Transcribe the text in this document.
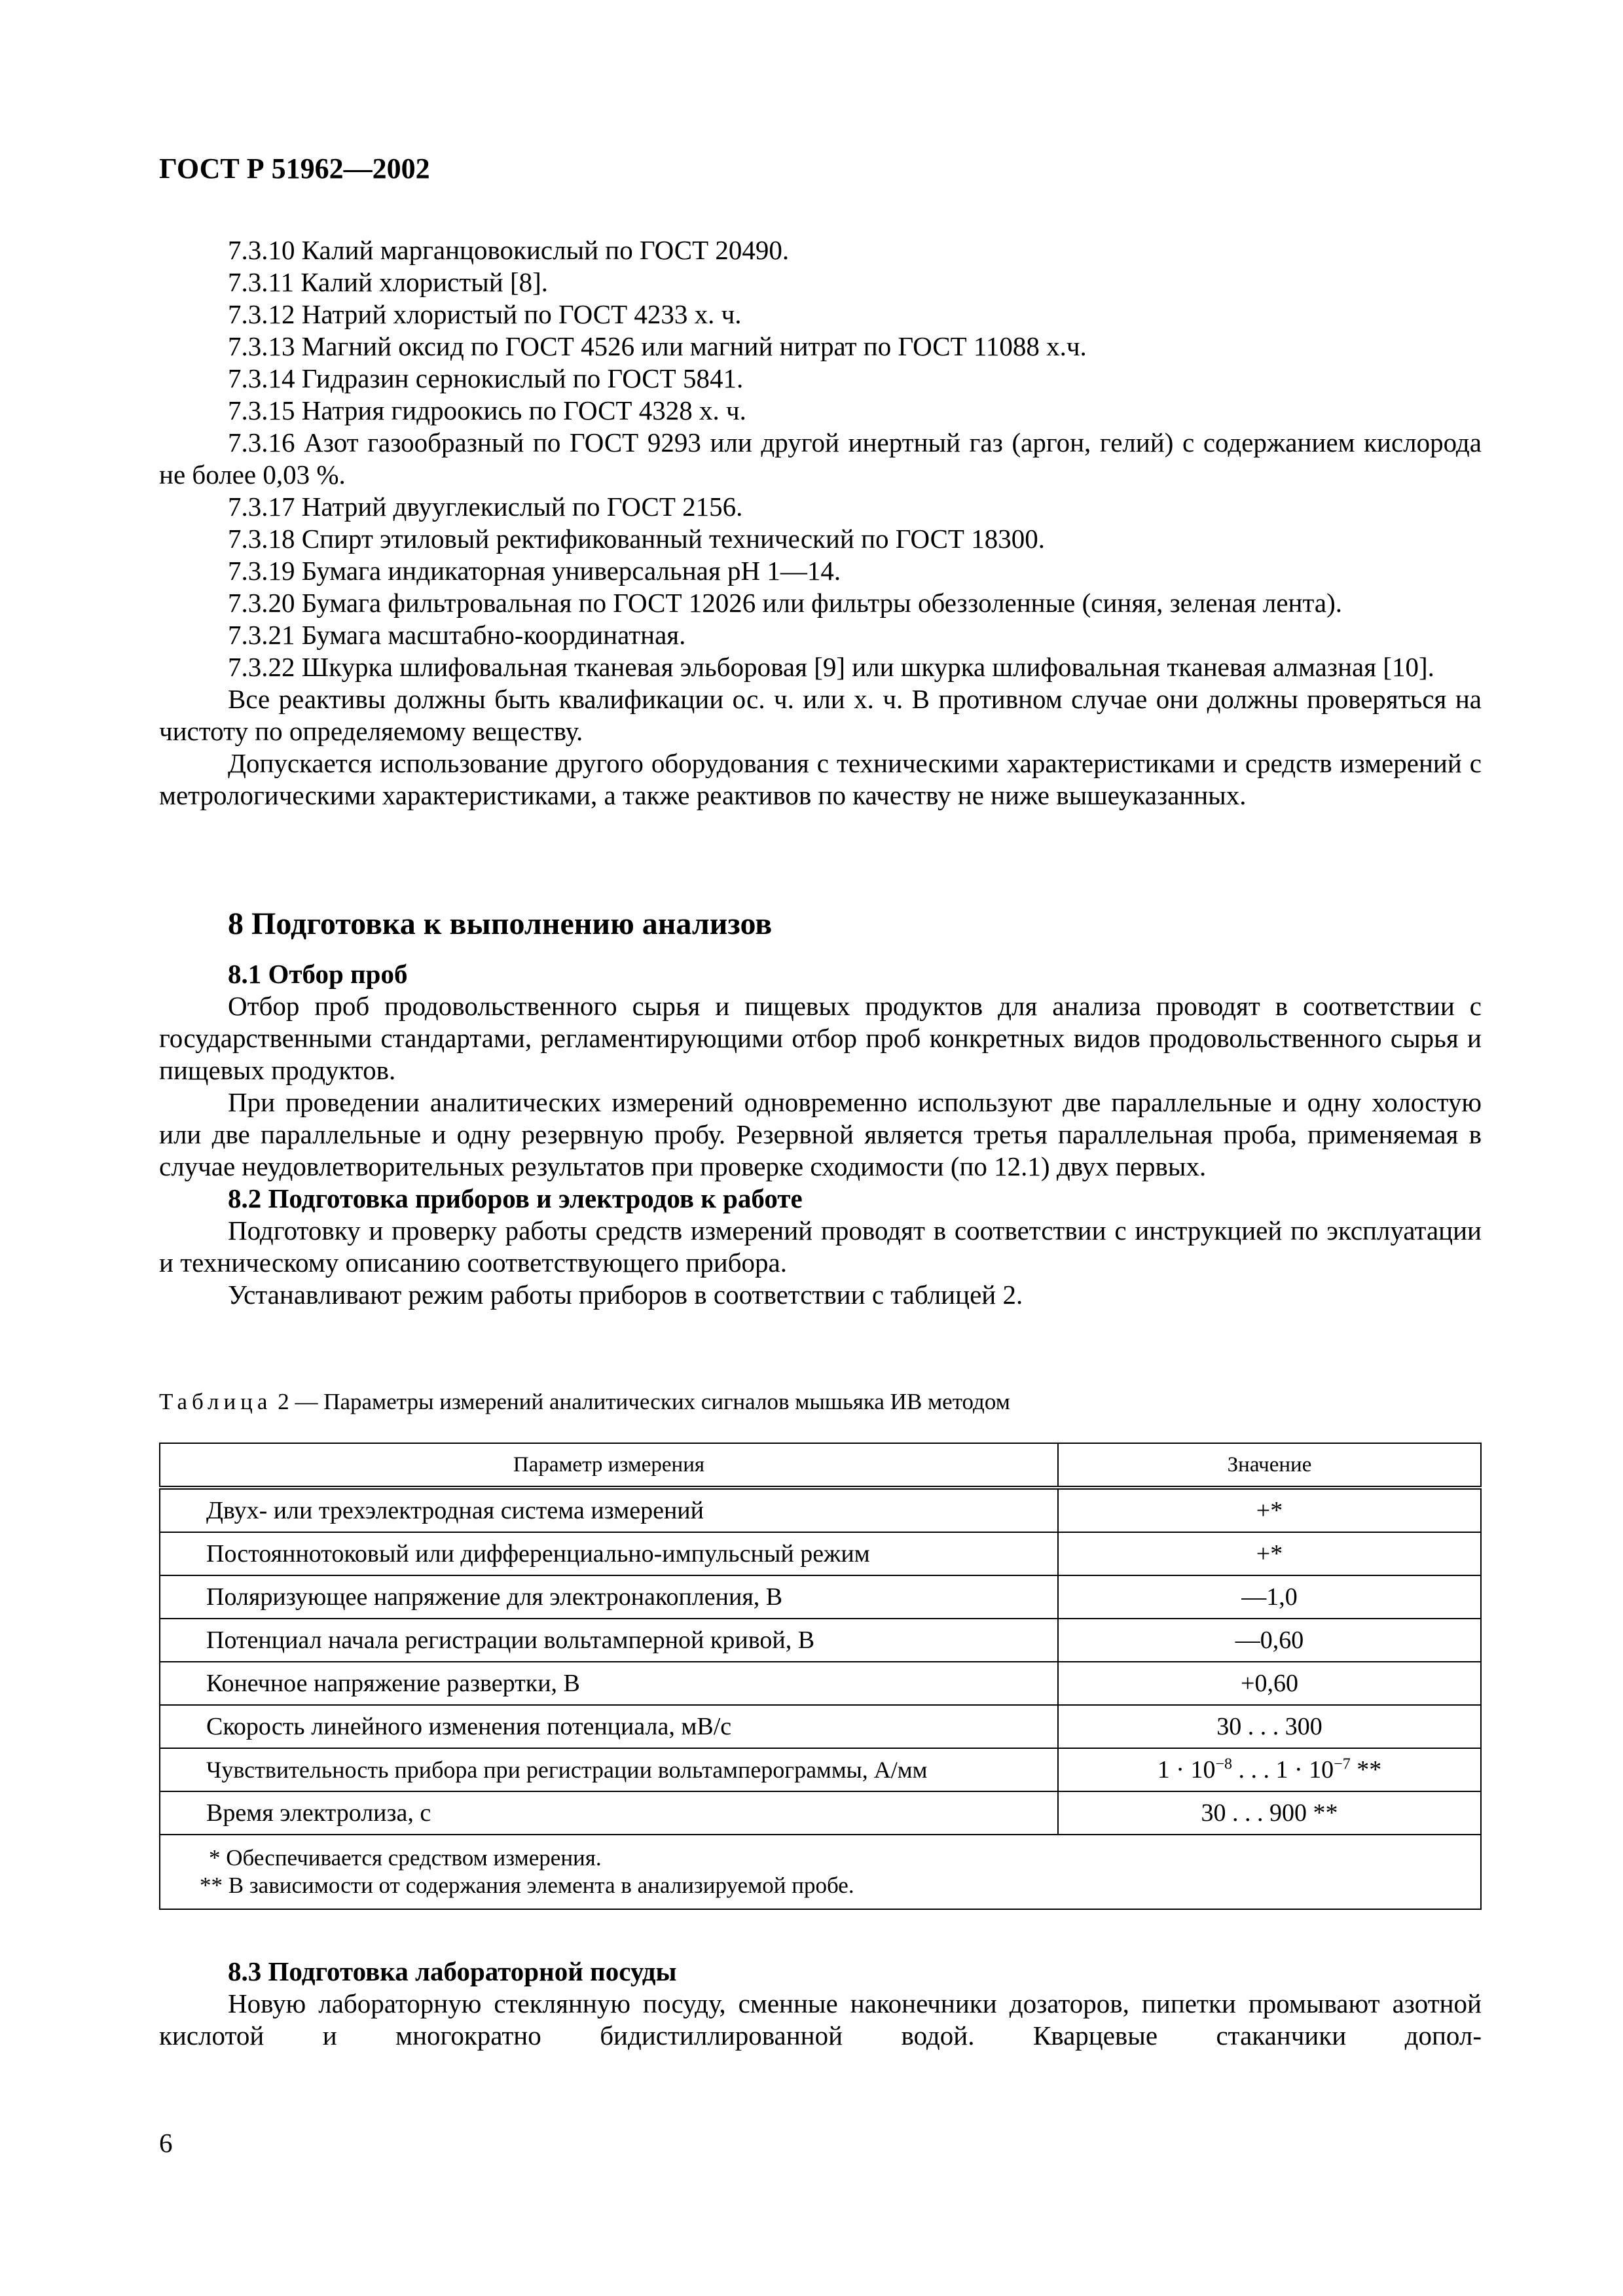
ГОСТ Р 51962—2002

7.3.10 Калий марганцовокислый по ГОСТ 20490.

7.3.11 Калий хлористый [8].

7.3.12 Натрий хлористый по ГОСТ 4233 х. ч.

7.3.13 Магний оксид по ГОСТ 4526 или магний нитрат по ГОСТ 11088 х.ч.

7.3.14 Гидразин сернокислый по ГОСТ 5841.

7.3.15 Натрия гидроокись по ГОСТ 4328 х. ч.

7.3.16 Азот газообразный по ГОСТ 9293 или другой инертный газ (аргон, гелий) с содержанием кислорода не более 0,03 %.

7.3.17 Натрий двууглекислый по ГОСТ 2156.

7.3.18 Спирт этиловый ректификованный технический по ГОСТ 18300.

7.3.19 Бумага индикаторная универсальная рН 1—14.

7.3.20 Бумага фильтровальная по ГОСТ 12026 или фильтры обеззоленные (синяя, зеленая лента).

7.3.21 Бумага масштабно-координатная.

7.3.22 Шкурка шлифовальная тканевая эльборовая [9] или шкурка шлифовальная тканевая алмазная [10].

Все реактивы должны быть квалификации ос. ч. или х. ч. В противном случае они должны проверяться на чистоту по определяемому веществу.

Допускается использование другого оборудования с техническими характеристиками и средств измерений с метрологическими характеристиками, а также реактивов по качеству не ниже вышеуказанных.

8 Подготовка к выполнению анализов

8.1 Отбор проб

Отбор проб продовольственного сырья и пищевых продуктов для анализа проводят в соответствии с государственными стандартами, регламентирующими отбор проб конкретных видов продовольственного сырья и пищевых продуктов.

При проведении аналитических измерений одновременно используют две параллельные и одну холостую или две параллельные и одну резервную пробу. Резервной является третья параллельная проба, применяемая в случае неудовлетворительных результатов при проверке сходимости (по 12.1) двух первых.

8.2 Подготовка приборов и электродов к работе

Подготовку и проверку работы средств измерений проводят в соответствии с инструкцией по эксплуатации и техническому описанию соответствующего прибора.

Устанавливают режим работы приборов в соответствии с таблицей 2.

Таблица 2 — Параметры измерений аналитических сигналов мышьяка ИВ методом
Параметр измерения	Значение
Двух- или трехэлектродная система измерений	+*
Постояннотоковый или дифференциально-импульсный режим	+*
Поляризующее напряжение для электронакопления, В	—1,0
Потенциал начала регистрации вольтамперной кривой, В	—0,60
Конечное напряжение развертки, В	+0,60
Скорость линейного изменения потенциала, мВ/с	30 . . . 300
Чувствительность прибора при регистрации вольтамперограммы, А/мм	$1 \cdot 10^{-8}$ . . . $1 \cdot 10^{-7}$ **
Время электролиза, с	30 . . . 900 **

* Обеспечивается средством измерения.
** В зависимости от содержания элемента в анализируемой пробе.	

8.3 Подготовка лабораторной посуды

Новую лабораторную стеклянную посуду, сменные наконечники дозаторов, пипетки промывают азотной кислотой и многократно бидистиллированной водой. Кварцевые стаканчики допол-

6
